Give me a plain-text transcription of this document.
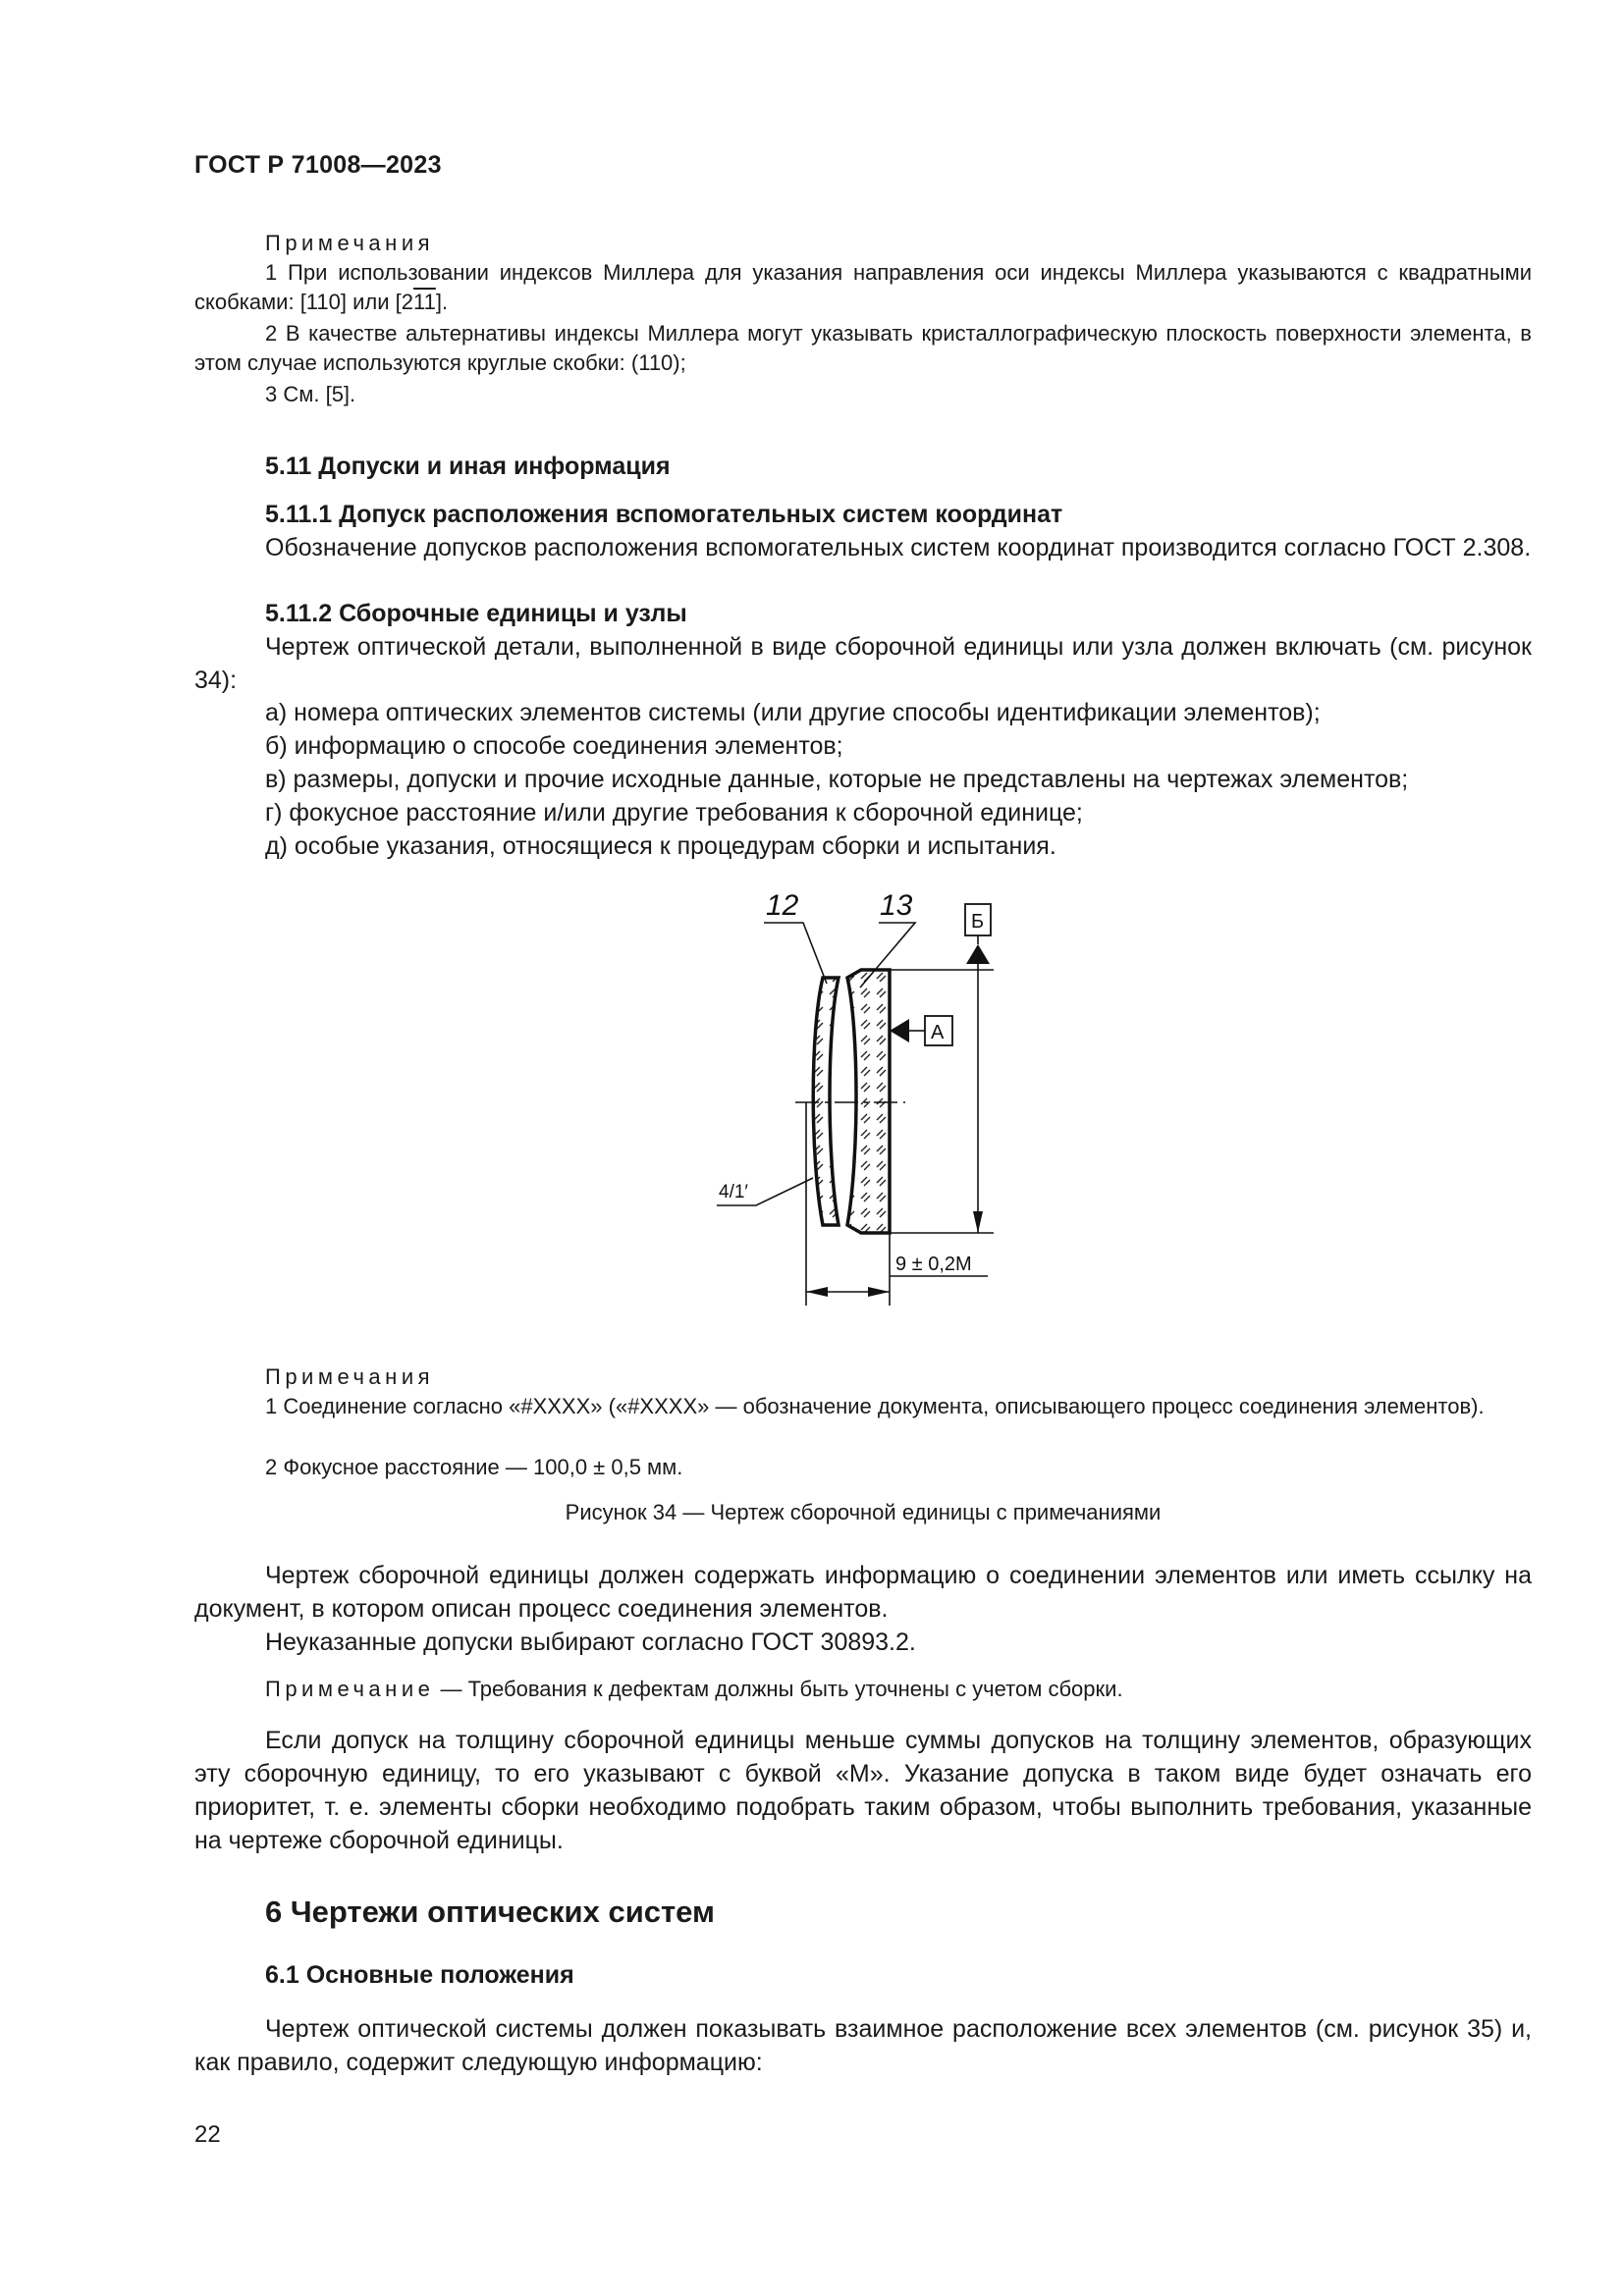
ГОСТ Р 71008—2023
Примечания

1 При использовании индексов Миллера для указания направления оси индексы Миллера указываются с квадратными скобками: [110] или [211].

2 В качестве альтернативы индексы Миллера могут указывать кристаллографическую плоскость поверхности элемента, в этом случае используются круглые скобки: (110);

3 См. [5].

5.11 Допуски и иная информация
5.11.1 Допуск расположения вспомогательных систем координат

Обозначение допусков расположения вспомогательных систем координат производится согласно ГОСТ 2.308.

5.11.2 Сборочные единицы и узлы

Чертеж оптической детали, выполненной в виде сборочной единицы или узла должен включать (см. рисунок 34):

а) номера оптических элементов системы (или другие способы идентификации элементов);
б) информацию о способе соединения элементов;
в) размеры, допуски и прочие исходные данные, которые не представлены на чертежах элементов;
г) фокусное расстояние и/или другие требования к сборочной единице;
д) особые указания, относящиеся к процедурам сборки и испытания.
12	13	Б
А
4/1′
9 ± 0,2М
Примечания

1 Соединение согласно «#XXXX» («#XXXX» — обозначение документа, описывающего процесс соединения элементов).

2 Фокусное расстояние — 100,0 ± 0,5 мм.

Рисунок 34 — Чертеж сборочной единицы с примечаниями

Чертеж сборочной единицы должен содержать информацию о соединении элементов или иметь ссылку на документ, в котором описан процесс соединения элементов.

Неуказанные допуски выбирают согласно ГОСТ 30893.2.

Примечание — Требования к дефектам должны быть уточнены с учетом сборки.

Если допуск на толщину сборочной единицы меньше суммы допусков на толщину элементов, образующих эту сборочную единицу, то его указывают с буквой «М». Указание допуска в таком виде будет означать его приоритет, т. е. элементы сборки необходимо подобрать таким образом, чтобы выполнить требования, указанные на чертеже сборочной единицы.

6 Чертежи оптических систем
6.1 Основные положения

Чертеж оптической системы должен показывать взаимное расположение всех элементов (см. рисунок 35) и, как правило, содержит следующую информацию:

22
